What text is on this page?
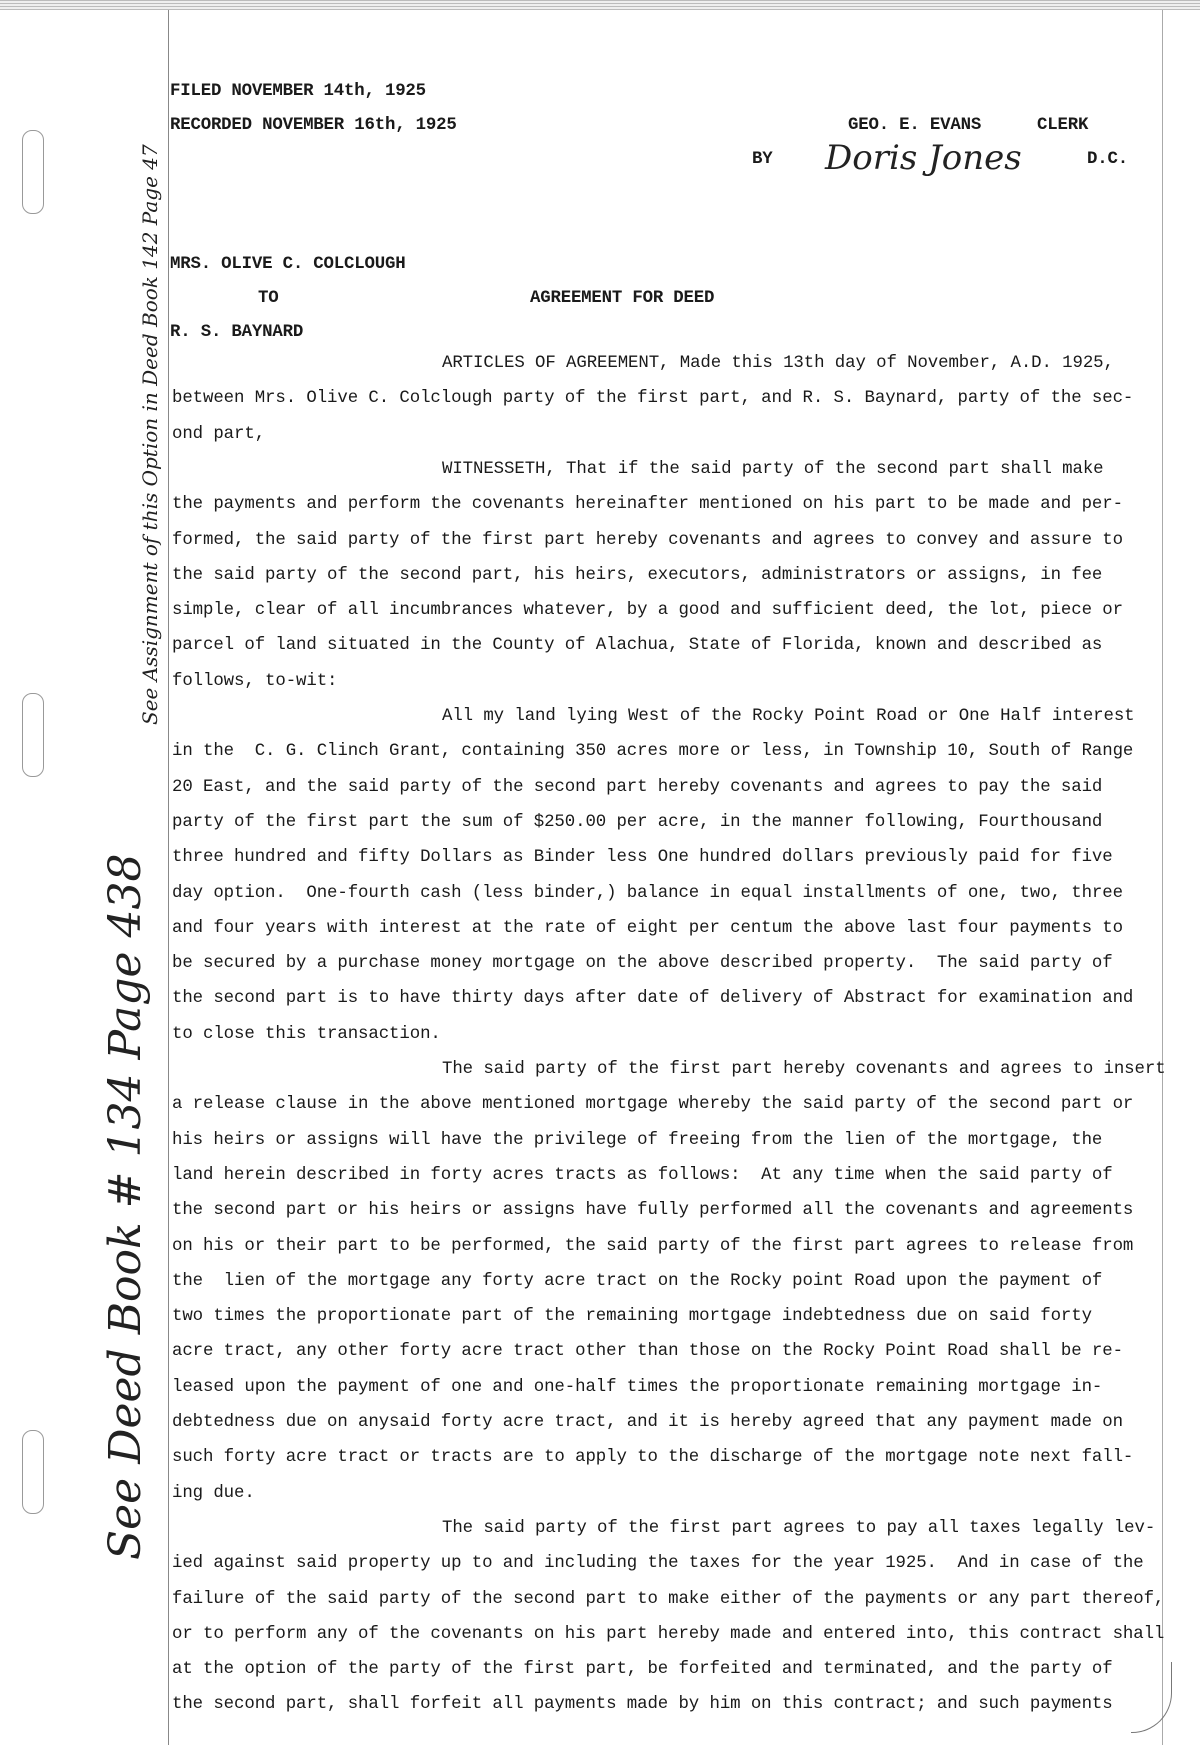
FILED NOVEMBER 14th, 1925
RECORDED NOVEMBER 16th, 1925	GEO. E. EVANS	CLERK
BY Doris Jones	D.C.
MRS. OLIVE C. COLCLOUGH
TO	AGREEMENT FOR DEED
R. S. BAYNARD
See Assignment of this Option in Deed Book 142 Page 47
See Deed Book # 134 Page 438
ARTICLES OF AGREEMENT, Made this 13th day of November, A.D. 1925,
between Mrs. Olive C. Colclough party of the first part, and R. S. Baynard, party of the sec-
ond part,
WITNESSETH, That if the said party of the second part shall make
the payments and perform the covenants hereinafter mentioned on his part to be made and per-
formed, the said party of the first part hereby covenants and agrees to convey and assure to
the said party of the second part, his heirs, executors, administrators or assigns, in fee
simple, clear of all incumbrances whatever, by a good and sufficient deed, the lot, piece or
parcel of land situated in the County of Alachua, State of Florida, known and described as
follows, to-wit:
All my land lying West of the Rocky Point Road or One Half interest
in the  C. G. Clinch Grant, containing 350 acres more or less, in Township 10, South of Range
20 East, and the said party of the second part hereby covenants and agrees to pay the said
party of the first part the sum of $250.00 per acre, in the manner following, Fourthousand
three hundred and fifty Dollars as Binder less One hundred dollars previously paid for five
day option.  One-fourth cash (less binder,) balance in equal installments of one, two, three
and four years with interest at the rate of eight per centum the above last four payments to
be secured by a purchase money mortgage on the above described property.  The said party of
the second part is to have thirty days after date of delivery of Abstract for examination and
to close this transaction.
The said party of the first part hereby covenants and agrees to insert
a release clause in the above mentioned mortgage whereby the said party of the second part or
his heirs or assigns will have the privilege of freeing from the lien of the mortgage, the
land herein described in forty acres tracts as follows:  At any time when the said party of
the second part or his heirs or assigns have fully performed all the covenants and agreements
on his or their part to be performed, the said party of the first part agrees to release from
the  lien of the mortgage any forty acre tract on the Rocky point Road upon the payment of
two times the proportionate part of the remaining mortgage indebtedness due on said forty
acre tract, any other forty acre tract other than those on the Rocky Point Road shall be re-
leased upon the payment of one and one-half times the proportionate remaining mortgage in-
debtedness due on anysaid forty acre tract, and it is hereby agreed that any payment made on
such forty acre tract or tracts are to apply to the discharge of the mortgage note next fall-
ing due.
The said party of the first part agrees to pay all taxes legally lev-
ied against said property up to and including the taxes for the year 1925.  And in case of the
failure of the said party of the second part to make either of the payments or any part thereof,
or to perform any of the covenants on his part hereby made and entered into, this contract shall
at the option of the party of the first part, be forfeited and terminated, and the party of
the second part, shall forfeit all payments made by him on this contract; and such payments
